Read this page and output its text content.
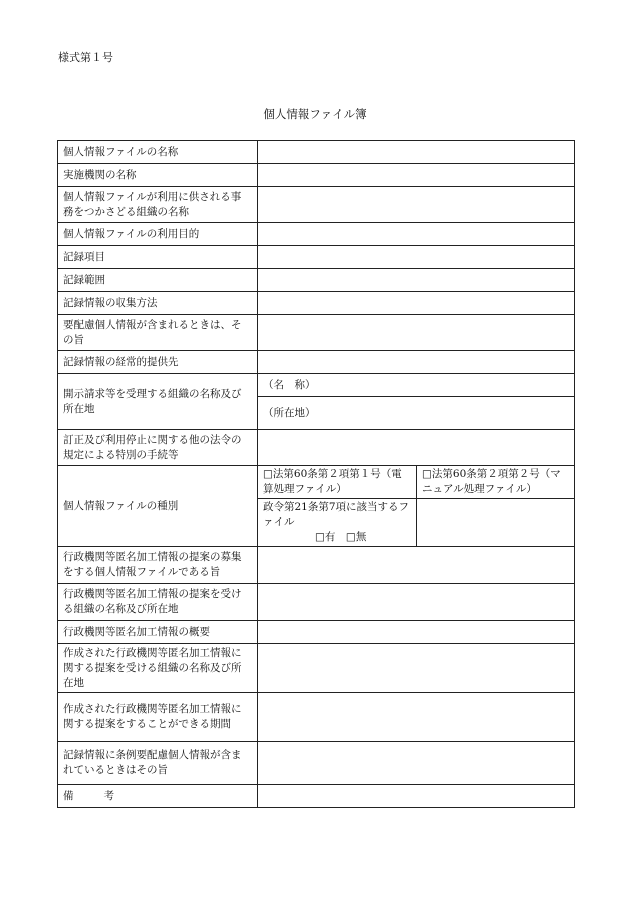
様式第１号
個人情報ファイル簿
個人情報ファイルの名称		
実施機関の名称		
個人情報ファイルが利用に供される事務をつかさどる組織の名称		
個人情報ファイルの利用目的		
記録項目		
記録範囲		
記録情報の収集方法		
要配慮個人情報が含まれるときは、その旨		
記録情報の経常的提供先		
開示請求等を受理する組織の名称及び所在地	（名　称）	
	（所在地）	
訂正及び利用停止に関する他の法令の規定による特別の手続等		
個人情報ファイルの種別	□法第60条第２項第１号（電算処理ファイル）	□法第60条第２項第２号（マニュアル処理ファイル）
	政令第21条第7項に該当するファイル
□有　□無	

行政機関等匿名加工情報の提案の募集をする個人情報ファイルである旨		
行政機関等匿名加工情報の提案を受ける組織の名称及び所在地		
行政機関等匿名加工情報の概要		
作成された行政機関等匿名加工情報に関する提案を受ける組織の名称及び所在地		
作成された行政機関等匿名加工情報に関する提案をすることができる期間		
記録情報に条例要配慮個人情報が含まれているときはその旨		
備考		
